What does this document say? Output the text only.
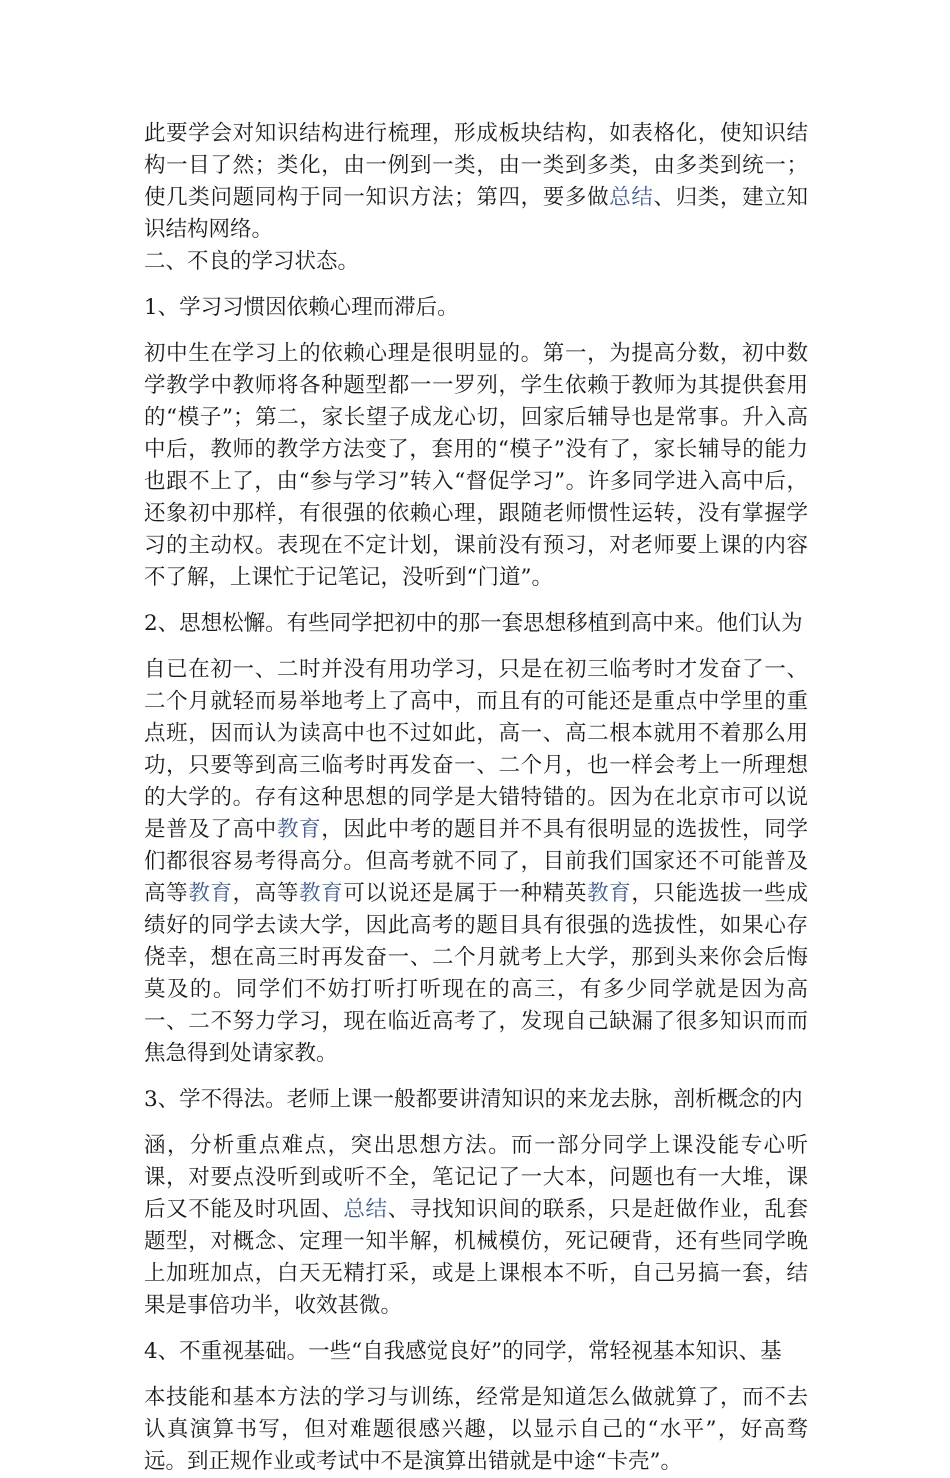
此要学会对知识结构进行梳理，形成板块结构，如表格化，使知识结构一目了然；类化，由一例到一类，由一类到多类，由多类到统一；使几类问题同构于同一知识方法；第四，要多做总结、归类，建立知识结构网络。

二、不良的学习状态。

1、学习习惯因依赖心理而滞后。

初中生在学习上的依赖心理是很明显的。第一，为提高分数，初中数学教学中教师将各种题型都一一罗列，学生依赖于教师为其提供套用的“模子”；第二，家长望子成龙心切，回家后辅导也是常事。升入高中后，教师的教学方法变了，套用的“模子”没有了，家长辅导的能力也跟不上了，由“参与学习”转入“督促学习”。许多同学进入高中后，还象初中那样，有很强的依赖心理，跟随老师惯性运转，没有掌握学习的主动权。表现在不定计划，课前没有预习，对老师要上课的内容不了解，上课忙于记笔记，没听到“门道”。

2、思想松懈。有些同学把初中的那一套思想移植到高中来。他们认为

自已在初一、二时并没有用功学习，只是在初三临考时才发奋了一、二个月就轻而易举地考上了高中，而且有的可能还是重点中学里的重点班，因而认为读高中也不过如此，高一、高二根本就用不着那么用功，只要等到高三临考时再发奋一、二个月，也一样会考上一所理想的大学的。存有这种思想的同学是大错特错的。因为在北京市可以说是普及了高中教育，因此中考的题目并不具有很明显的选拔性，同学们都很容易考得高分。但高考就不同了，目前我们国家还不可能普及高等教育，高等教育可以说还是属于一种精英教育，只能选拔一些成绩好的同学去读大学，因此高考的题目具有很强的选拔性，如果心存侥幸，想在高三时再发奋一、二个月就考上大学，那到头来你会后悔莫及的。同学们不妨打听打听现在的高三，有多少同学就是因为高一、二不努力学习，现在临近高考了，发现自己缺漏了很多知识而而焦急得到处请家教。

3、学不得法。老师上课一般都要讲清知识的来龙去脉，剖析概念的内

涵，分析重点难点，突出思想方法。而一部分同学上课没能专心听课，对要点没听到或听不全，笔记记了一大本，问题也有一大堆，课后又不能及时巩固、总结、寻找知识间的联系，只是赶做作业，乱套题型，对概念、定理一知半解，机械模仿，死记硬背，还有些同学晚上加班加点，白天无精打采，或是上课根本不听，自己另搞一套，结果是事倍功半，收效甚微。

4、不重视基础。一些“自我感觉良好”的同学，常轻视基本知识、基

本技能和基本方法的学习与训练，经常是知道怎么做就算了，而不去认真演算书写，但对难题很感兴趣，以显示自己的“水平”，好高骛远。到正规作业或考试中不是演算出错就是中途“卡壳”。
